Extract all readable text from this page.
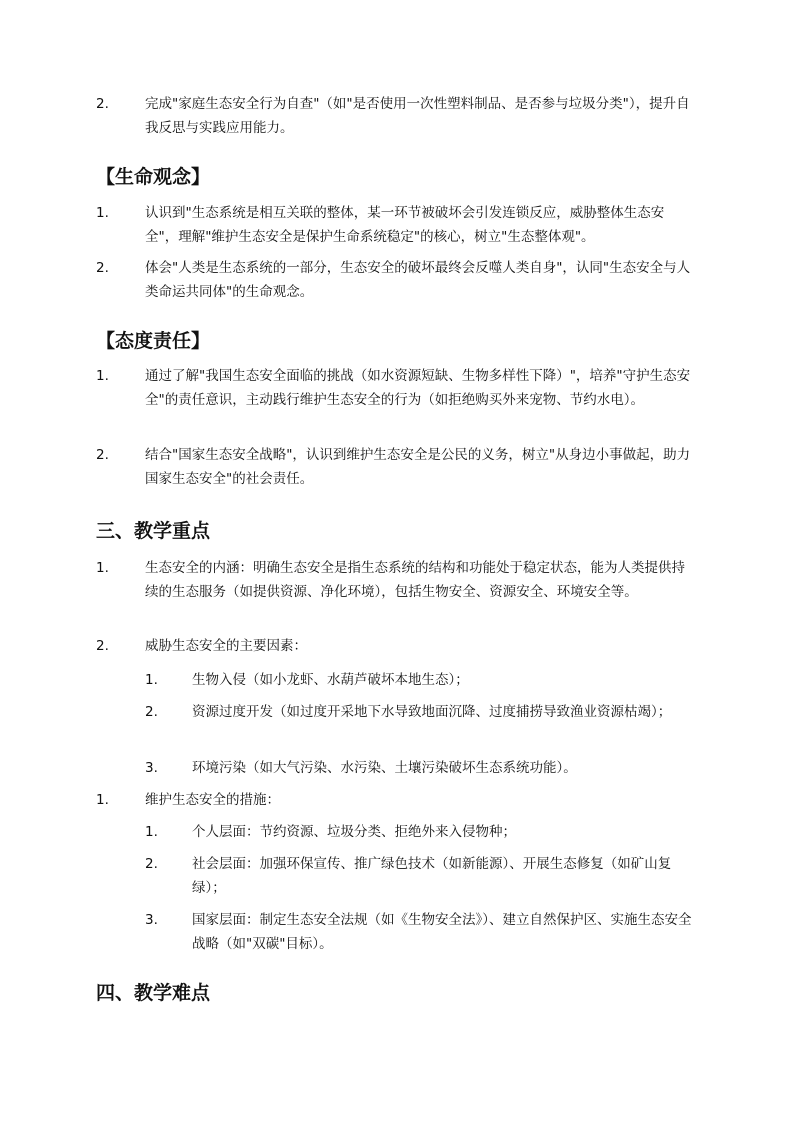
2.	完成"家庭生态安全行为自查"（如"是否使用一次性塑料制品、是否参与垃圾分类"），提升自我反思与实践应用能力。
【生命观念】
1.	认识到"生态系统是相互关联的整体，某一环节被破坏会引发连锁反应，威胁整体生态安全"，理解"维护生态安全是保护生命系统稳定"的核心，树立"生态整体观"。
2.	体会"人类是生态系统的一部分，生态安全的破坏最终会反噬人类自身"，认同"生态安全与人类命运共同体"的生命观念。
【态度责任】
1.	通过了解"我国生态安全面临的挑战（如水资源短缺、生物多样性下降）"，培养"守护生态安全"的责任意识，主动践行维护生态安全的行为（如拒绝购买外来宠物、节约水电）。
2.	结合"国家生态安全战略"，认识到维护生态安全是公民的义务，树立"从身边小事做起，助力国家生态安全"的社会责任。
三、教学重点
1.	生态安全的内涵：明确生态安全是指生态系统的结构和功能处于稳定状态，能为人类提供持续的生态服务（如提供资源、净化环境），包括生物安全、资源安全、环境安全等。
2.	威胁生态安全的主要因素：
1.	生物入侵（如小龙虾、水葫芦破坏本地生态）；
2.	资源过度开发（如过度开采地下水导致地面沉降、过度捕捞导致渔业资源枯竭）；
3.	环境污染（如大气污染、水污染、土壤污染破坏生态系统功能）。
1.	维护生态安全的措施：
1.	个人层面：节约资源、垃圾分类、拒绝外来入侵物种；
2.	社会层面：加强环保宣传、推广绿色技术（如新能源）、开展生态修复（如矿山复绿）；
3.	国家层面：制定生态安全法规（如《生物安全法》）、建立自然保护区、实施生态安全战略（如"双碳"目标）。
四、教学难点
